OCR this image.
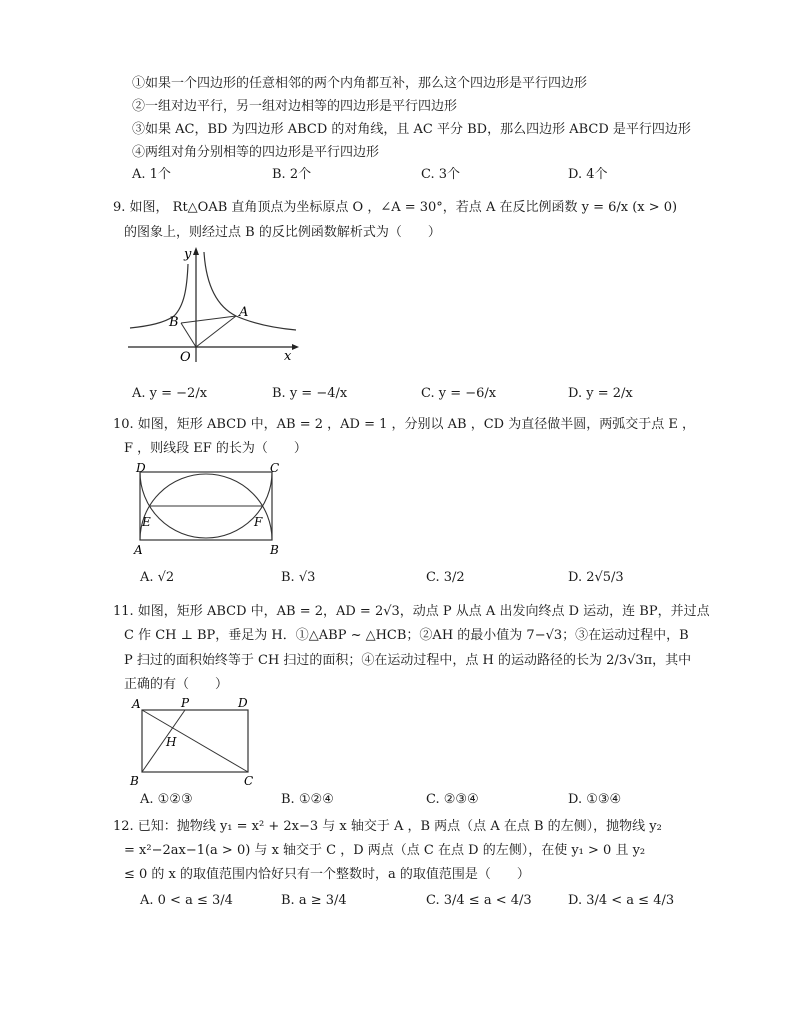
①如果一个四边形的任意相邻的两个内角都互补，那么这个四边形是平行四边形
②一组对边平行，另一组对边相等的四边形是平行四边形
③如果 AC，BD 为四边形 ABCD 的对角线，且 AC 平分 BD，那么四边形 ABCD 是平行四边形
④两组对角分别相等的四边形是平行四边形
A. 1个	B. 2个	C. 3个	D. 4个
9. 如图， Rt△OAB 直角顶点为坐标原点 O ，∠A = 30°，若点 A 在反比例函数 y = 6/x (x > 0)
的图象上，则经过点 B 的反比例函数解析式为（　　）
y
x
O
A
B
A. y = −2/x	B. y = −4/x	C. y = −6/x	D. y = 2/x
10. 如图，矩形 ABCD 中，AB = 2 ，AD = 1 ，分别以 AB ，CD 为直径做半圆，两弧交于点 E ，
F ，则线段 EF 的长为（　　）
D	C
E	F
A	B
A. √2	B. √3	C. 3/2	D. 2√5/3
11. 如图，矩形 ABCD 中，AB = 2，AD = 2√3，动点 P 从点 A 出发向终点 D 运动，连 BP，并过点
C 作 CH ⊥ BP，垂足为 H．①△ABP ~ △HCB；②AH 的最小值为 7−√3；③在运动过程中，B
P 扫过的面积始终等于 CH 扫过的面积；④在运动过程中，点 H 的运动路径的长为 2/3√3π，其中
正确的有（　　）
A	P	D
H
B	C
A. ①②③	B. ①②④	C. ②③④	D. ①③④
12. 已知：抛物线 y₁ = x² + 2x−3 与 x 轴交于 A ，B 两点（点 A 在点 B 的左侧），抛物线 y₂
= x²−2ax−1(a > 0) 与 x 轴交于 C ，D 两点（点 C 在点 D 的左侧），在使 y₁ > 0 且 y₂
≤ 0 的 x 的取值范围内恰好只有一个整数时，a 的取值范围是（　　）
A. 0 < a ≤ 3/4	B. a ≥ 3/4	C. 3/4 ≤ a < 4/3	D. 3/4 < a ≤ 4/3
